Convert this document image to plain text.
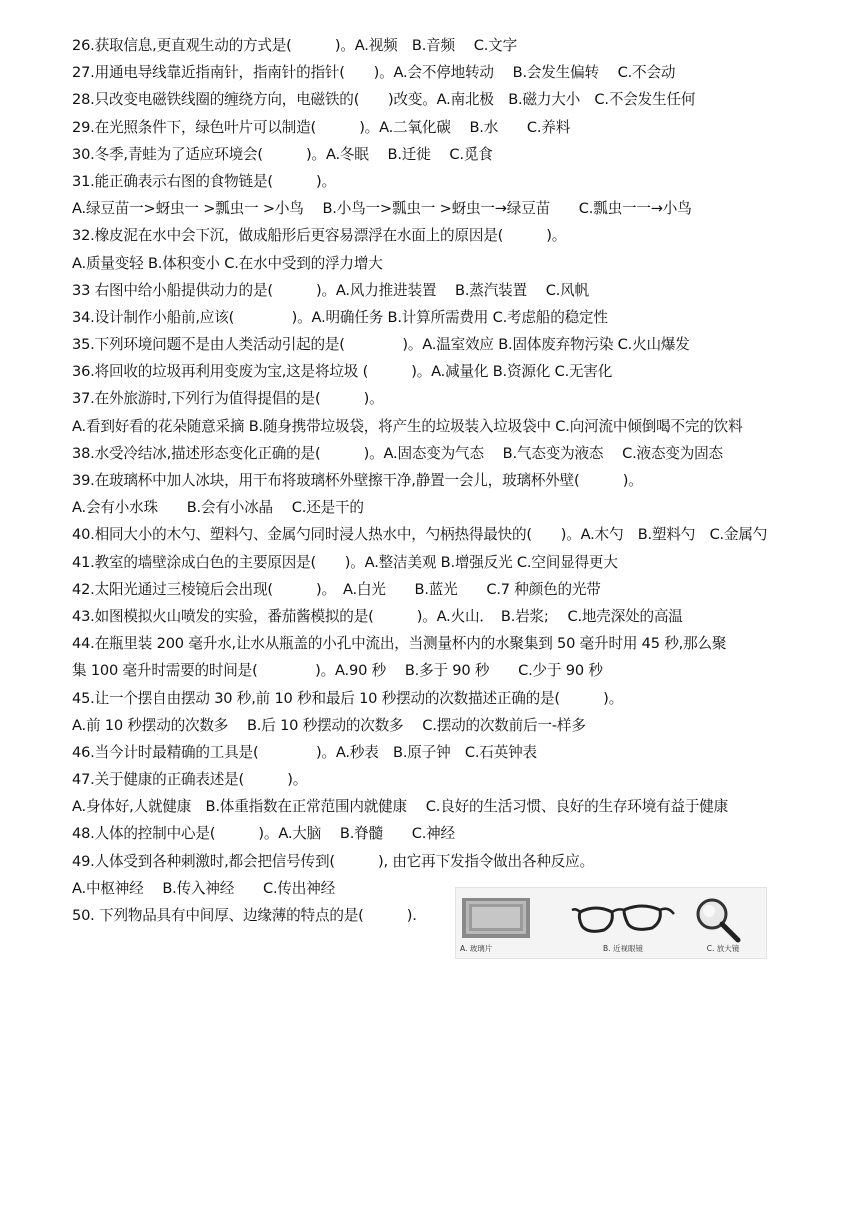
26.获取信息,更直观生动的方式是(　　　)。A.视频　B.音频　 C.文字
27.用通电导线靠近指南针，指南针的指针(　　)。A.会不停地转动　 B.会发生偏转　 C.不会动
28.只改变电磁铁线圈的缠绕方向，电磁铁的(　　)改变。A.南北极　B.磁力大小　C.不会发生任何
29.在光照条件下，绿色叶片可以制造(　　　)。A.二氧化碳　 B.水　　C.养料
30.冬季,青蛙为了适应环境会(　　　)。A.冬眠　 B.迁徙　 C.觅食
31.能正确表示右图的食物链是(　　　)。
A.绿豆苗一>蚜虫一 >瓢虫一 >小鸟　 B.小鸟一>瓢虫一 >蚜虫一→绿豆苗　　C.瓢虫一一→小鸟
32.橡皮泥在水中会下沉，做成船形后更容易漂浮在水面上的原因是(　　　)。
A.质量变轻 B.体积变小 C.在水中受到的浮力增大
33 右图中给小船提供动力的是(　　　)。A.风力推进装置　 B.蒸汽装置　 C.风帆
34.设计制作小船前,应该(　　　　)。A.明确任务 B.计算所需费用 C.考虑船的稳定性
35.下列环境问题不是由人类活动引起的是(　　　　)。A.温室效应 B.固体废弃物污染 C.火山爆发
36.将回收的垃圾再利用变废为宝,这是将垃圾 (　　　)。A.减量化 B.资源化 C.无害化
37.在外旅游时,下列行为值得提倡的是(　　　)。
A.看到好看的花朵随意采摘 B.随身携带垃圾袋，将产生的垃圾装入垃圾袋中 C.向河流中倾倒喝不完的饮料
38.水受冷结冰,描述形态变化正确的是(　　　)。A.固态变为气态　 B.气态变为液态　 C.液态变为固态
39.在玻璃杯中加人冰块，用干布将玻璃杯外壁擦干净,静置一会儿，玻璃杯外壁(　　　)。
A.会有小水珠　　B.会有小冰晶　 C.还是干的
40.相同大小的木勺、塑料勺、金属勺同时浸人热水中，勺柄热得最快的(　　)。A.木勺　B.塑料勺　C.金属勺
41.教室的墙壁涂成白色的主要原因是(　　)。A.整洁美观 B.增强反光 C.空间显得更大
42.太阳光通过三棱镜后会出现(　　　)。　A.白光　　B.蓝光　　C.7 种颜色的光带
43.如图模拟火山喷发的实验，番茄酱模拟的是(　　　)。A.火山．　B.岩浆;　 C.地壳深处的高温
44.在瓶里装 200 毫升水,让水从瓶盖的小孔中流出，当测量杯内的水聚集到 50 毫升时用 45 秒,那么聚
集 100 毫升时需要的时间是(　　　　)。A.90 秒　 B.多于 90 秒　　C.少于 90 秒
45.让一个摆自由摆动 30 秒,前 10 秒和最后 10 秒摆动的次数描述正确的是(　　　)。
A.前 10 秒摆动的次数多　 B.后 10 秒摆动的次数多　 C.摆动的次数前后一-样多
46.当今计时最精确的工具是(　　　　)。A.秒表　B.原子钟　C.石英钟表
47.关于健康的正确表述是(　　　)。
A.身体好,人就健康　B.体重指数在正常范围内就健康　 C.良好的生活习惯、良好的生存环境有益于健康
48.人体的控制中心是(　　　)。A.大脑　 B.脊髓　　C.神经
49.人体受到各种刺激时,都会把信号传到(　　　), 由它再下发指令做出各种反应。
A.中枢神经　 B.传入神经　　C.传出神经
50. 下列物品具有中间厚、边缘薄的特点的是(　　　).
A. 玻璃片	B. 近视眼镜	C. 放大镜
